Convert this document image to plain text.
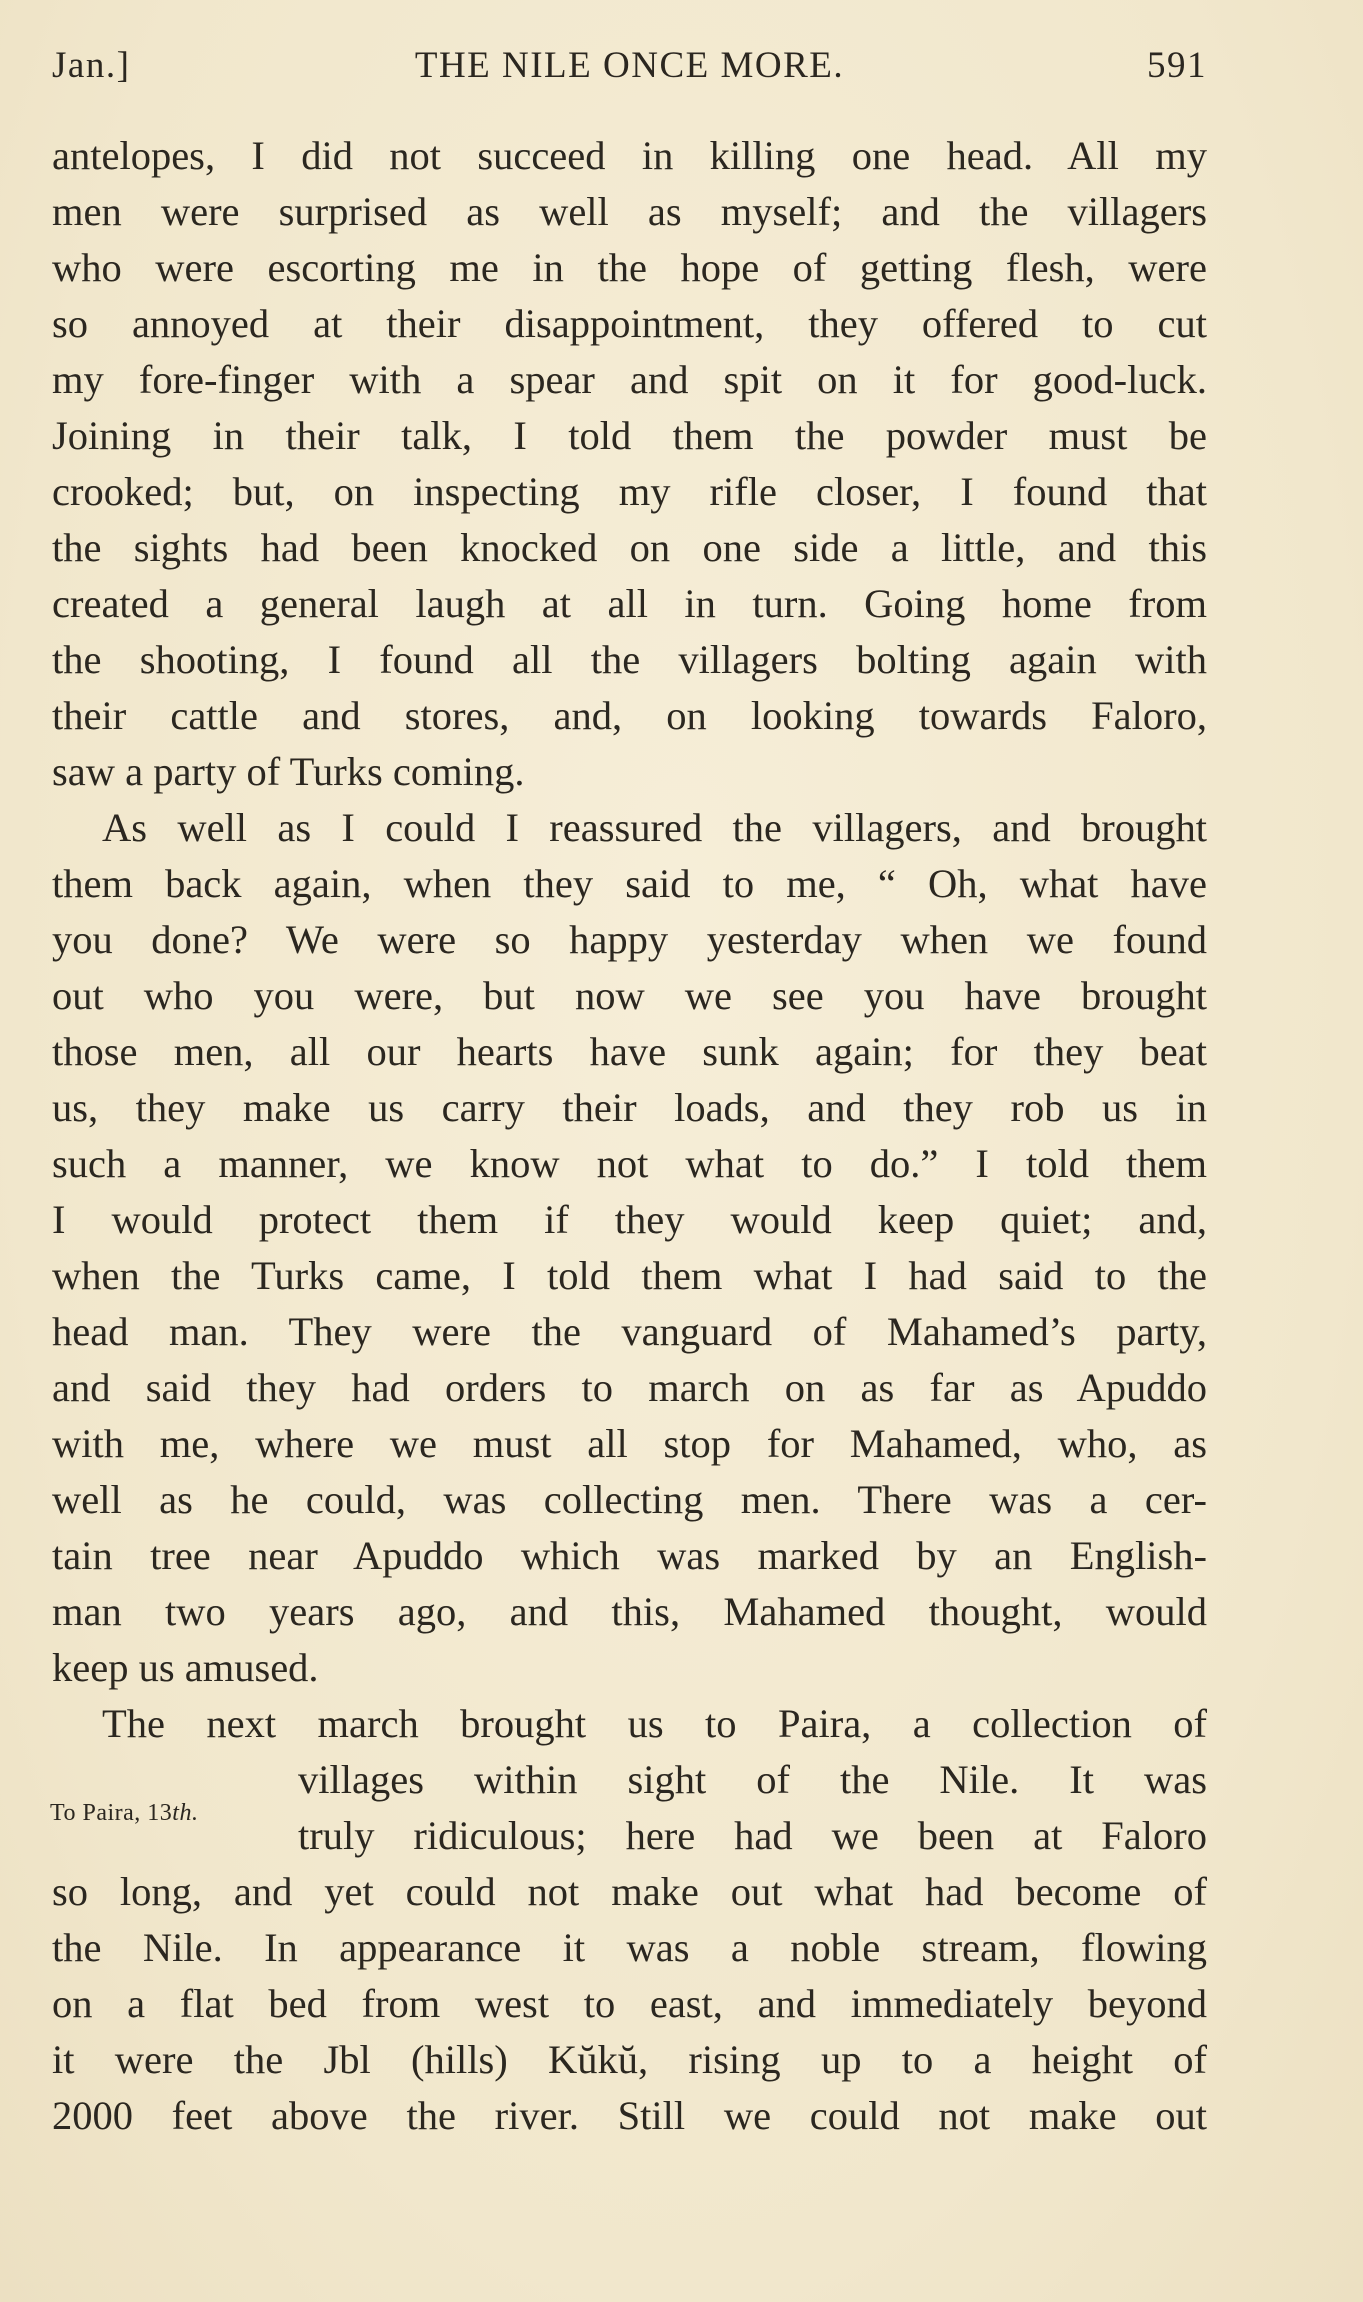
Jan.]	THE NILE ONCE MORE.	591
To Paira, 13th.
antelopes, I did not succeed in killing one head. All my
men were surprised as well as myself; and the villagers
who were escorting me in the hope of getting flesh, were
so annoyed at their disappointment, they offered to cut
my fore-finger with a spear and spit on it for good-luck.
Joining in their talk, I told them the powder must be
crooked; but, on inspecting my rifle closer, I found that
the sights had been knocked on one side a little, and this
created a general laugh at all in turn. Going home from
the shooting, I found all the villagers bolting again with
their cattle and stores, and, on looking towards Faloro,
saw a party of Turks coming.
As well as I could I reassured the villagers, and brought
them back again, when they said to me, “ Oh, what have
you done? We were so happy yesterday when we found
out who you were, but now we see you have brought
those men, all our hearts have sunk again; for they beat
us, they make us carry their loads, and they rob us in
such a manner, we know not what to do.” I told them
I would protect them if they would keep quiet; and,
when the Turks came, I told them what I had said to the
head man. They were the vanguard of Mahamed’s party,
and said they had orders to march on as far as Apuddo
with me, where we must all stop for Mahamed, who, as
well as he could, was collecting men. There was a cer-
tain tree near Apuddo which was marked by an English-
man two years ago, and this, Mahamed thought, would
keep us amused.
The next march brought us to Paira, a collection of
villages within sight of the Nile. It was
truly ridiculous; here had we been at Faloro
so long, and yet could not make out what had become of
the Nile. In appearance it was a noble stream, flowing
on a flat bed from west to east, and immediately beyond
it were the Jbl (hills) Kŭkŭ, rising up to a height of
2000 feet above the river. Still we could not make out
